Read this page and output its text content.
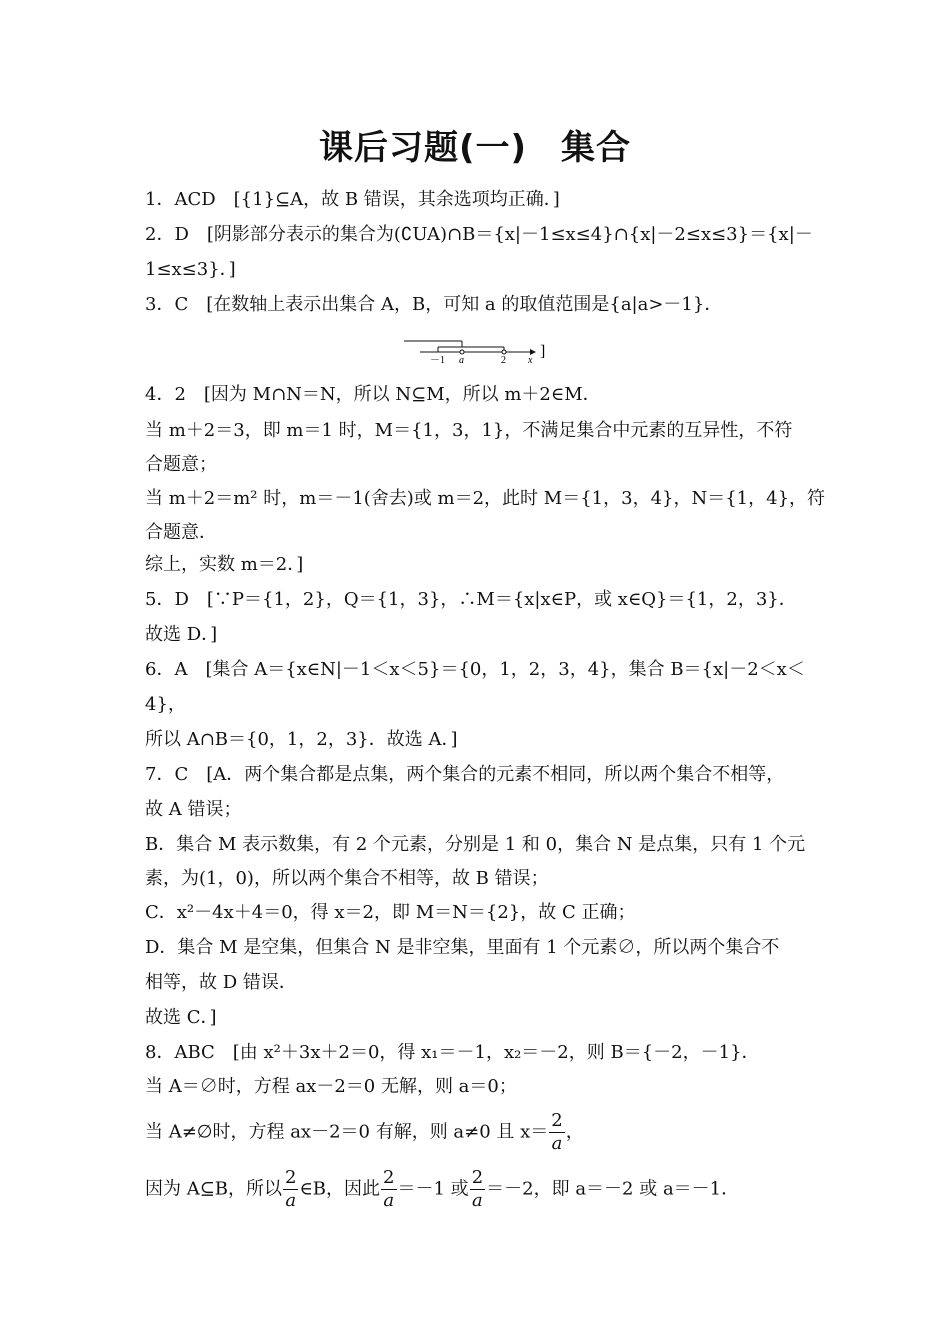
课后习题(一) 集合
1．ACD　[{1}⊆A，故 B 错误，其余选项均正确．]
2．D　[阴影部分表示的集合为(∁UA)∩B＝{x|－1≤x≤4}∩{x|－2≤x≤3}＝{x|－
1≤x≤3}．]
3．C　[在数轴上表示出集合 A，B，可知 a 的取值范围是{a|a>－1}．
－1 a	2 x
]
4．2　[因为 M∩N＝N，所以 N⊆M，所以 m＋2∈M．
当 m＋2＝3，即 m＝1 时，M＝{1，3，1}，不满足集合中元素的互异性，不符
合题意；
当 m＋2＝m² 时，m＝－1(舍去)或 m＝2，此时 M＝{1，3，4}，N＝{1，4}，符
合题意．
综上，实数 m＝2．]
5．D　[∵P＝{1，2}，Q＝{1，3}，∴M＝{x|x∈P，或 x∈Q}＝{1，2，3}．
故选 D．]
6．A　[集合 A＝{x∈N|－1＜x＜5}＝{0，1，2，3，4}，集合 B＝{x|－2＜x＜
4}，
所以 A∩B＝{0，1，2，3}．故选 A．]
7．C　[A．两个集合都是点集，两个集合的元素不相同，所以两个集合不相等，
故 A 错误；
B．集合 M 表示数集，有 2 个元素，分别是 1 和 0，集合 N 是点集，只有 1 个元
素，为(1，0)，所以两个集合不相等，故 B 错误；
C．x²－4x＋4＝0，得 x＝2，即 M＝N＝{2}，故 C 正确；
D．集合 M 是空集，但集合 N 是非空集，里面有 1 个元素∅，所以两个集合不
相等，故 D 错误．
故选 C．]
8．ABC　[由 x²＋3x＋2＝0，得 x₁＝－1，x₂＝－2，则 B＝{－2，－1}．
当 A＝∅时，方程 ax－2＝0 无解，则 a＝0；
当 A≠∅时，方程 ax－2＝0 有解，则 a≠0 且 $x= \frac{2}{a}$ ，
因为 A⊆B，所以 $\frac{2}{a}$ ∈B，因此 $\frac{2}{a} =-1$ 或 $\frac{2}{a} =-2$，即 a＝－2 或 a＝－1．
